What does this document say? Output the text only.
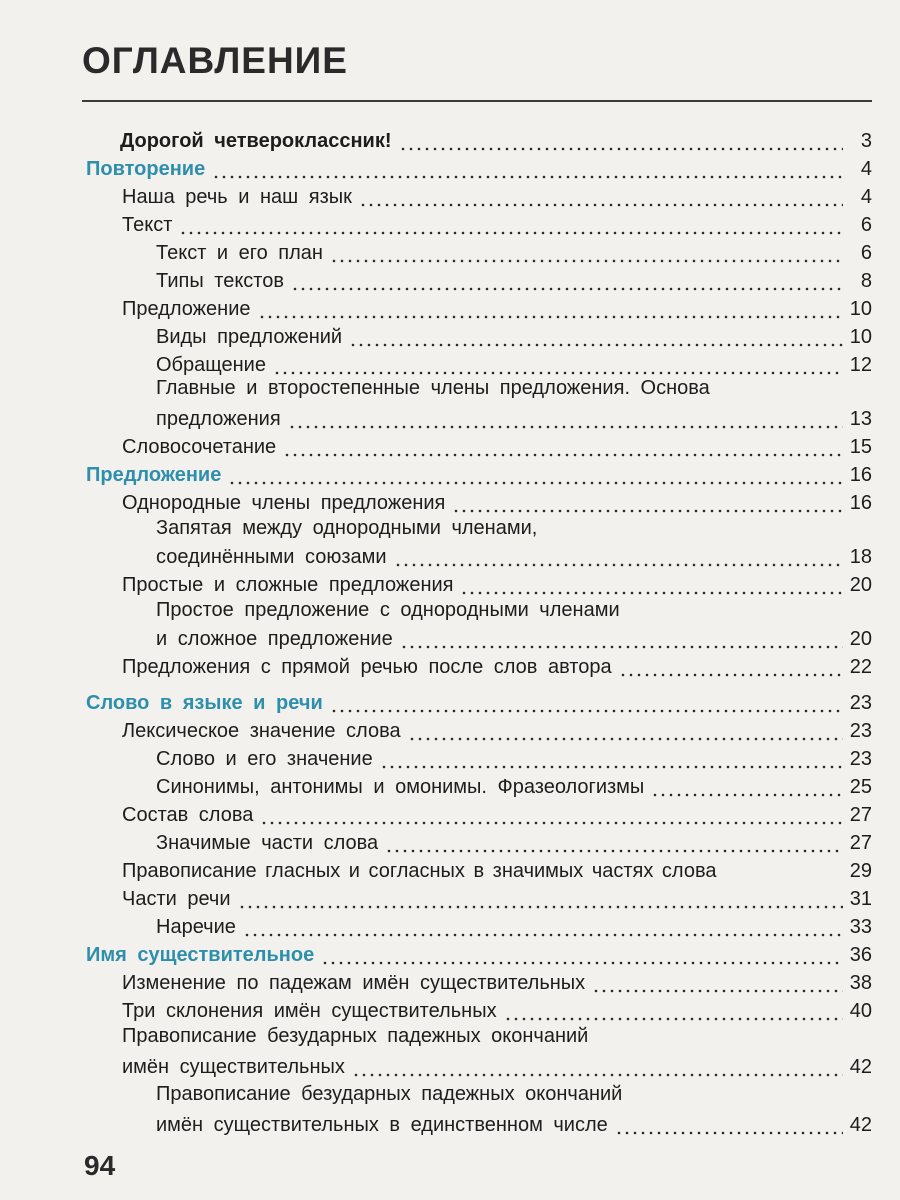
ОГЛАВЛЕНИЕ
Дорогой четвероклассник!	3
Повторение	4
Наша речь и наш язык	4
Текст	6
Текст и его план	6
Типы текстов	8
Предложение	10
Виды предложений	10
Обращение	12
Главные и второстепенные члены предложения. Основа
предложения	13
Словосочетание	15
Предложение	16
Однородные члены предложения	16
Запятая между однородными членами,
соединёнными союзами	18
Простые и сложные предложения	20
Простое предложение с однородными членами
и сложное предложение	20
Предложения с прямой речью после слов автора	22
Слово в языке и речи	23
Лексическое значение слова	23
Слово и его значение	23
Синонимы, антонимы и омонимы. Фразеологизмы	25
Состав слова	27
Значимые части слова	27
Правописание гласных и согласных в значимых частях слова	29
Части речи	31
Наречие	33
Имя существительное	36
Изменение по падежам имён существительных	38
Три склонения имён существительных	40
Правописание безударных падежных окончаний
имён существительных	42
Правописание безударных падежных окончаний
имён существительных в единственном числе	42
94
